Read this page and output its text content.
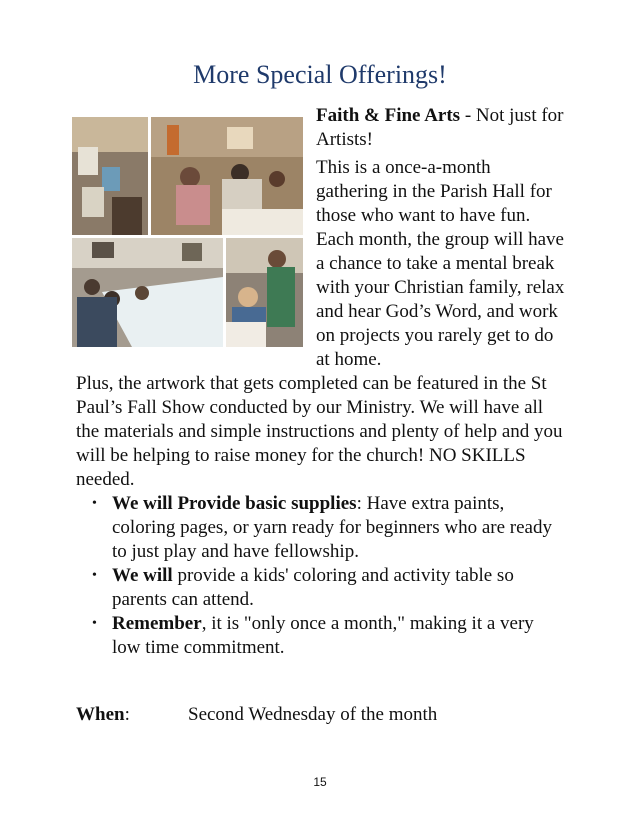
More Special Offerings!
Faith & Fine Arts - Not just for Artists!

This is a once-a-month gathering in the Parish Hall for those who want to have fun. Each month, the group will have a chance to take a mental break with your Christian family, relax and hear God’s Word, and work on projects you rarely get to do at home.

Plus, the artwork that gets completed can be featured in the St Paul’s Fall Show conducted by our Ministry. We will have all the materials and simple instructions and plenty of help and you will be helping to raise money for the church! NO SKILLS needed.

• We will Provide basic supplies: Have extra paints, coloring pages, or yarn ready for beginners who are ready to just play and have fellowship.
• We will provide a kids' coloring and activity table so parents can attend.
• Remember, it is "only once a month," making it a very low time commitment.
When:	Second Wednesday of the month
15
